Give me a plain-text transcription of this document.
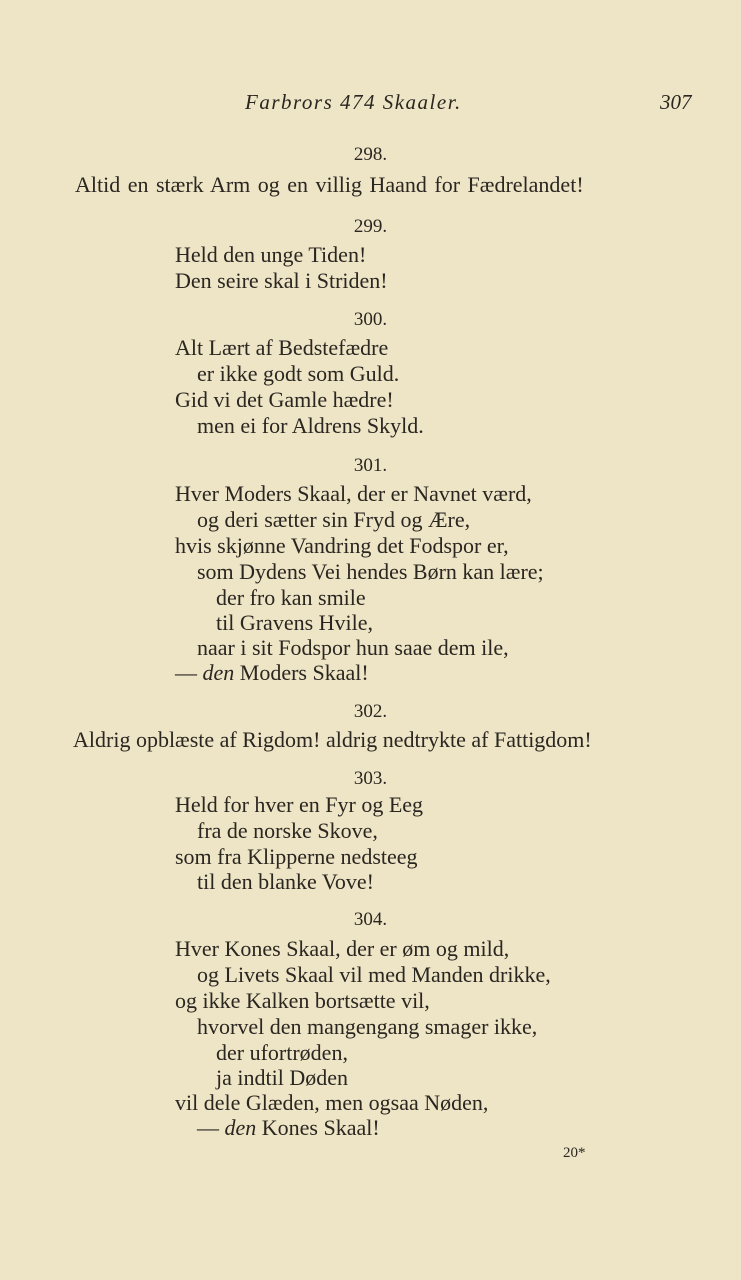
Farbrors 474 Skaaler.	307
298.
Altid en stærk Arm og en villig Haand for Fædrelandet!
299.
Held den unge Tiden!
Den seire skal i Striden!
300.
Alt Lært af Bedstefædre
er ikke godt som Guld.
Gid vi det Gamle hædre!
men ei for Aldrens Skyld.
301.
Hver Moders Skaal, der er Navnet værd,
og deri sætter sin Fryd og Ære,
hvis skjønne Vandring det Fodspor er,
som Dydens Vei hendes Børn kan lære;
der fro kan smile
til Gravens Hvile,
naar i sit Fodspor hun saae dem ile,
— den Moders Skaal!
302.
Aldrig opblæste af Rigdom! aldrig nedtrykte af Fattigdom!
303.
Held for hver en Fyr og Eeg
fra de norske Skove,
som fra Klipperne nedsteeg
til den blanke Vove!
304.
Hver Kones Skaal, der er øm og mild,
og Livets Skaal vil med Manden drikke,
og ikke Kalken bortsætte vil,
hvorvel den mangengang smager ikke,
der ufortrøden,
ja indtil Døden
vil dele Glæden, men ogsaa Nøden,
— den Kones Skaal!
20*
